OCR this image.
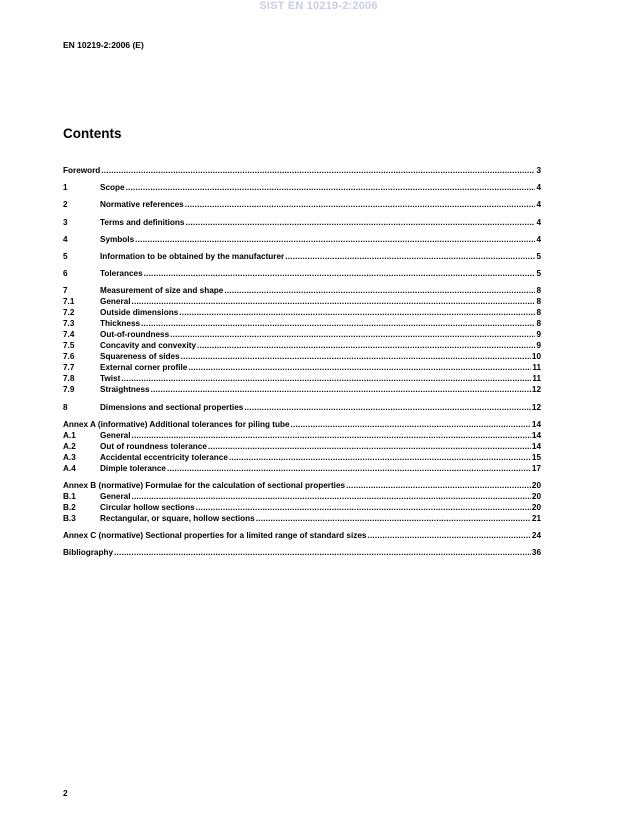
SIST EN 10219-2:2006
EN 10219-2:2006 (E)
Contents
Foreword .....	3
1	Scope .....	4
2	Normative references .....	4
3	Terms and definitions .....	4
4	Symbols .....	4
5	Information to be obtained by the manufacturer .....	5
6	Tolerances .....	5
7	Measurement of size and shape .....	8
7.1	General .....	8
7.2	Outside dimensions .....	8
7.3	Thickness .....	8
7.4	Out-of-roundness .....	9
7.5	Concavity and convexity .....	9
7.6	Squareness of sides .....	10
7.7	External corner profile .....	11
7.8	Twist .....	11
7.9	Straightness .....	12
8	Dimensions and sectional properties .....	12
Annex A (informative) Additional tolerances for piling tube .....	14
A.1	General .....	14
A.2	Out of roundness tolerance .....	14
A.3	Accidental eccentricity tolerance .....	15
A.4	Dimple tolerance .....	17
Annex B (normative) Formulae for the calculation of sectional properties .....	20
B.1	General .....	20
B.2	Circular hollow sections .....	20
B.3	Rectangular, or square, hollow sections .....	21
Annex C (normative) Sectional properties for a limited range of standard sizes .....	24
Bibliography .....	36
2
